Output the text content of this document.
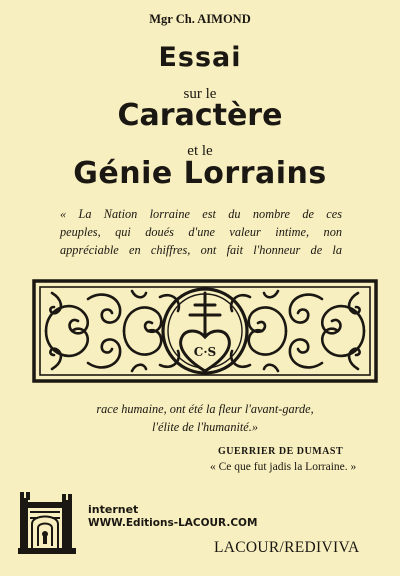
Mgr Ch. AIMOND

Essai

sur le

Caractère

et le

Génie Lorrains

« La Nation lorraine est du nombre de ces
peuples, qui doués d'une valeur intime, non
appréciable en chiffres, ont fait l'honneur de la
C·S
race humaine, ont été la fleur l'avant-garde,
l'élite de l'humanité.»

GUERRIER DE DUMAST

« Ce que fut jadis la Lorraine. »

internet

WWW.Editions-LACOUR.COM

LACOUR/REDIVIVA
